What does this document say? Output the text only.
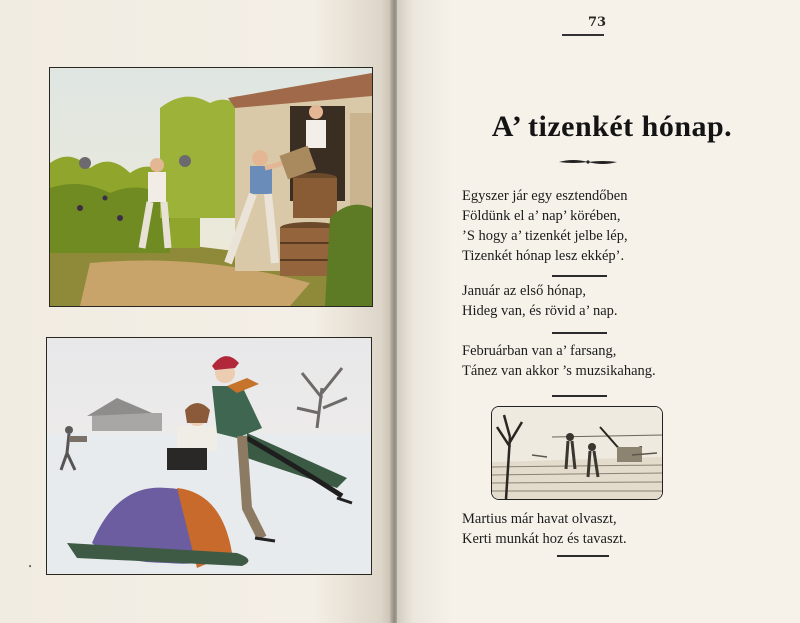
73
A’ tizenkét hónap.
Egyszer jár egy esztendőben
Földünk el a’ nap’ körében,
’S hogy a’ tizenkét jelbe lép,
Tizenkét hónap lesz ekkép’.
Január az első hónap,
Hideg van, és rövid a’ nap.
Februárban van a’ farsang,
Tánez van akkor ’s muzsikahang.
Martius már havat olvaszt,
Kerti munkát hoz és tavaszt.
•
